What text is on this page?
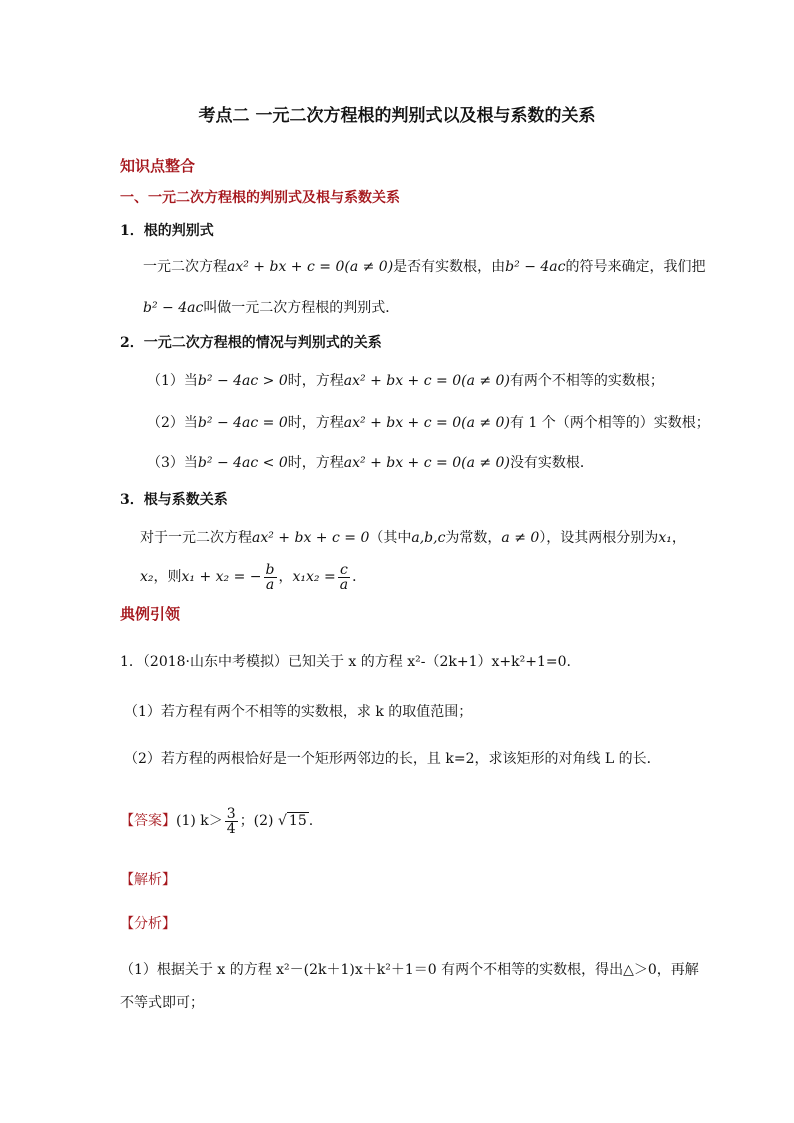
考点二 一元二次方程根的判别式以及根与系数的关系
知识点整合
一、一元二次方程根的判别式及根与系数关系
1．根的判别式
一元二次方程ax² + bx + c = 0(a ≠ 0)是否有实数根，由b² − 4ac的符号来确定，我们把
b² − 4ac叫做一元二次方程根的判别式．
2．一元二次方程根的情况与判别式的关系
（1）当b² − 4ac > 0时，方程ax² + bx + c = 0(a ≠ 0)有两个不相等的实数根；
（2）当b² − 4ac = 0时，方程ax² + bx + c = 0(a ≠ 0)有 1 个（两个相等的）实数根；
（3）当b² − 4ac < 0时，方程ax² + bx + c = 0(a ≠ 0)没有实数根．
3．根与系数关系
对于一元二次方程ax² + bx + c = 0（其中a,b,c为常数，a ≠ 0），设其两根分别为x₁，
x₂，则x₁ + x₂ = − $\frac{b}{a}$ ，$x_1x_2 = \frac{c}{a}$ ．
典例引领
1．（2018·山东中考模拟）已知关于 x 的方程 x²-（2k+1）x+k²+1=0.
（1）若方程有两个不相等的实数根，求 k 的取值范围；
（2）若方程的两根恰好是一个矩形两邻边的长，且 k=2，求该矩形的对角线 L 的长．
【答案】(1) $k> \frac{3}{4}$ ；(2) √ 15 .
【解析】
【分析】
（1）根据关于 x 的方程 x²－(2k＋1)x＋k²＋1＝0 有两个不相等的实数根，得出△＞0，再解
不等式即可；
